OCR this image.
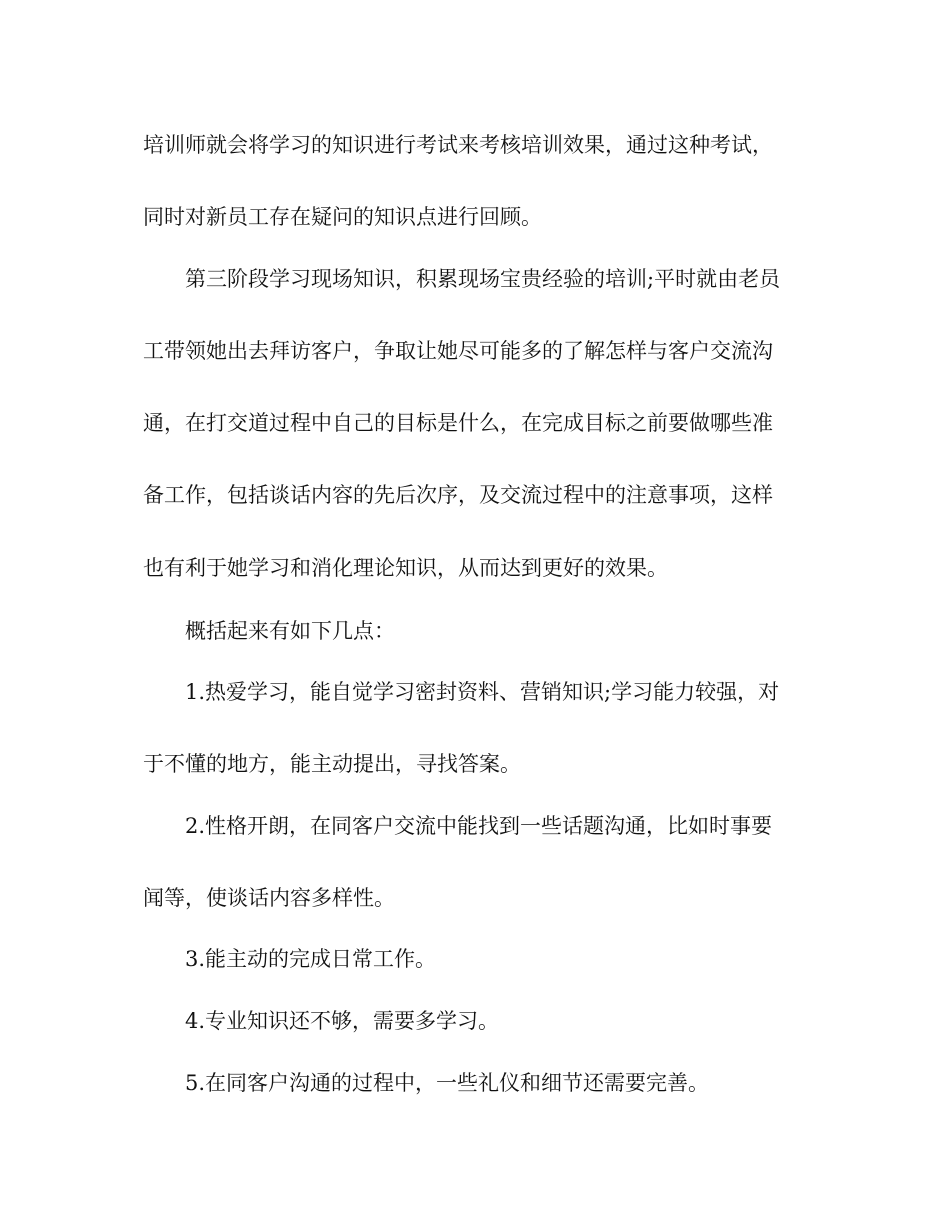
培训师就会将学习的知识进行考试来考核培训效果，通过这种考试，
同时对新员工存在疑问的知识点进行回顾。
第三阶段学习现场知识，积累现场宝贵经验的培训;平时就由老员
工带领她出去拜访客户，争取让她尽可能多的了解怎样与客户交流沟
通，在打交道过程中自己的目标是什么，在完成目标之前要做哪些准
备工作，包括谈话内容的先后次序，及交流过程中的注意事项，这样
也有利于她学习和消化理论知识，从而达到更好的效果。
概括起来有如下几点：
1.热爱学习，能自觉学习密封资料、营销知识;学习能力较强，对
于不懂的地方，能主动提出，寻找答案。
2.性格开朗，在同客户交流中能找到一些话题沟通，比如时事要
闻等，使谈话内容多样性。
3.能主动的完成日常工作。
4.专业知识还不够，需要多学习。
5.在同客户沟通的过程中，一些礼仪和细节还需要完善。
